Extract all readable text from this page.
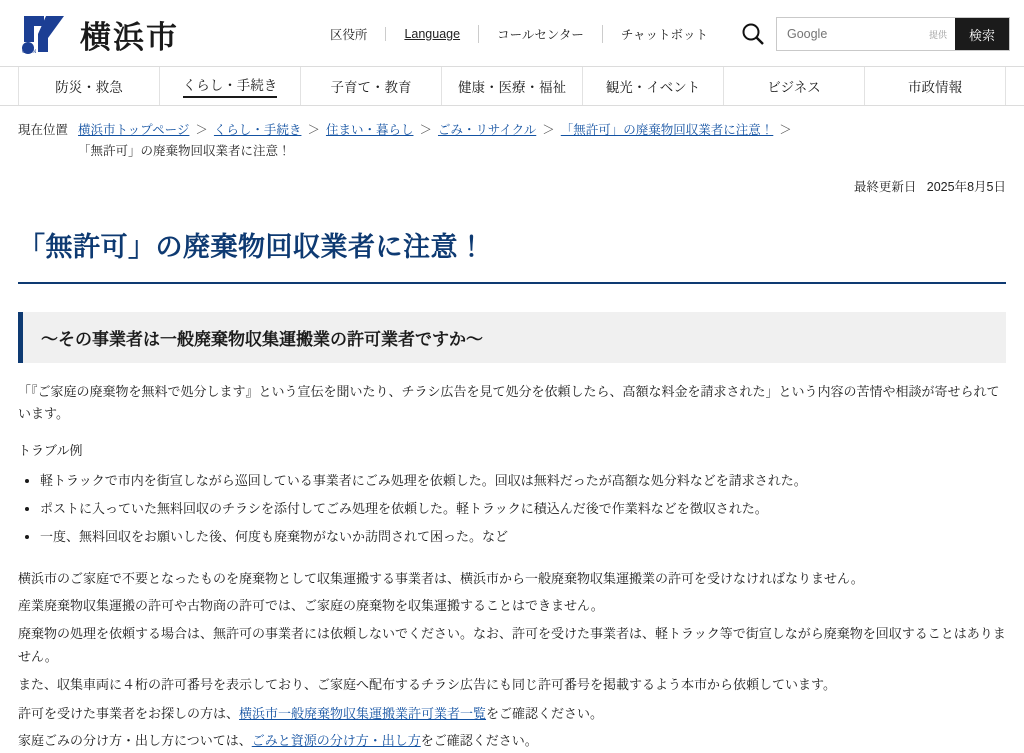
OPEN 横浜市	区役所	Language	コールセンター	チャットボット
Google	提供	検索
防災・救急	くらし・手続き	子育て・教育	健康・医療・福祉	観光・イベント	ビジネス	市政情報
現在位置 横浜市トップページ ＞ くらし・手続き ＞ 住まい・暮らし ＞ ごみ・リサイクル ＞ 「無許可」の廃棄物回収業者に注意！ ＞
「無許可」の廃棄物回収業者に注意！
最終更新日 2025年8月5日
「無許可」の廃棄物回収業者に注意！
～その事業者は一般廃棄物収集運搬業の許可業者ですか～

「『ご家庭の廃棄物を無料で処分します』という宣伝を聞いたり、チラシ広告を見て処分を依頼したら、高額な料金を請求された」という内容の苦情や相談が寄せられています。

トラブル例

• 軽トラックで市内を街宣しながら巡回している事業者にごみ処理を依頼した。回収は無料だったが高額な処分料などを請求された。
• ポストに入っていた無料回収のチラシを添付してごみ処理を依頼した。軽トラックに積込んだ後で作業料などを徴収された。
• 一度、無料回収をお願いした後、何度も廃棄物がないか訪問されて困った。など

横浜市のご家庭で不要となったものを廃棄物として収集運搬する事業者は、横浜市から一般廃棄物収集運搬業の許可を受けなければなりません。

産業廃棄物収集運搬の許可や古物商の許可では、ご家庭の廃棄物を収集運搬することはできません。

廃棄物の処理を依頼する場合は、無許可の事業者には依頼しないでください。なお、許可を受けた事業者は、軽トラック等で街宣しながら廃棄物を回収することはありません。

また、収集車両に４桁の許可番号を表示しており、ご家庭へ配布するチラシ広告にも同じ許可番号を掲載するよう本市から依頼しています。

許可を受けた事業者をお探しの方は、横浜市一般廃棄物収集運搬業許可業者一覧をご確認ください。

家庭ごみの分け方・出し方については、ごみと資源の分け方・出し方をご確認ください。
